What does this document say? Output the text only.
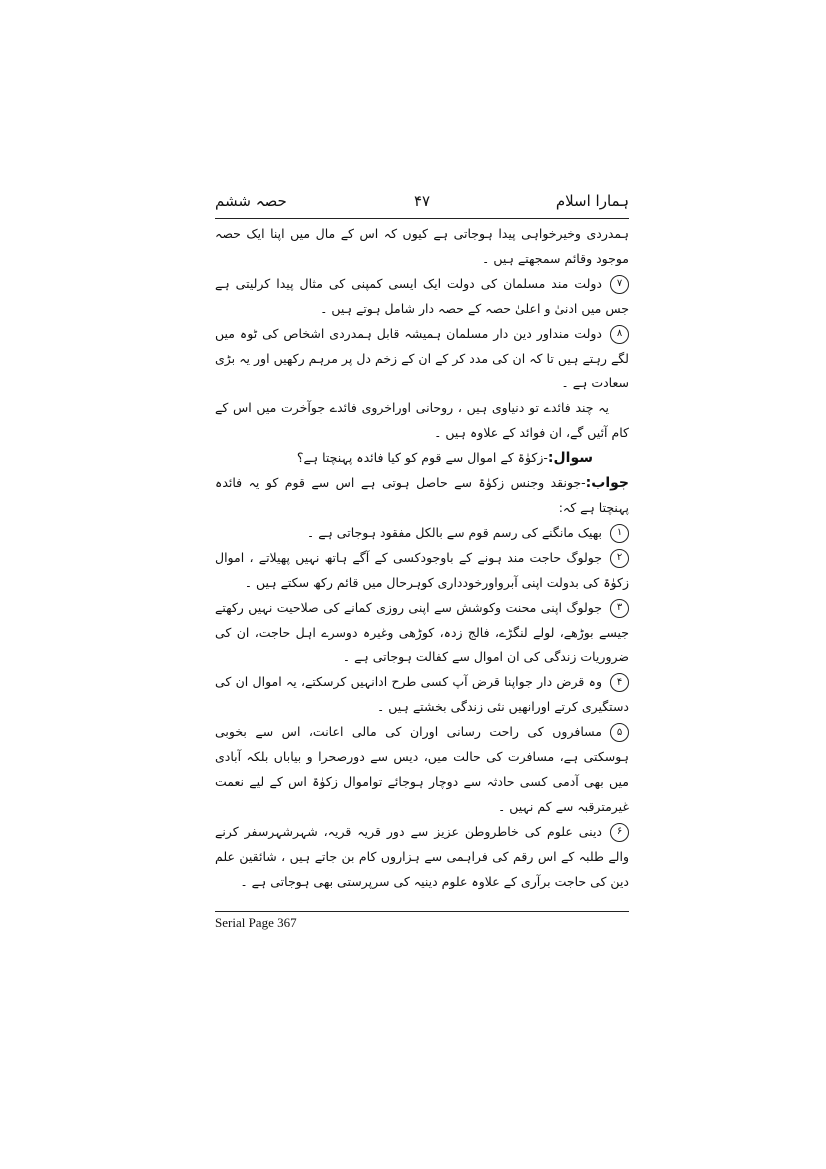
ہمارا اسلام
۴۷
حصہ ششم

ہمدردی وخیرخواہی پیدا ہوجاتی ہے کیوں کہ اس کے مال میں اپنا ایک حصہ موجود وقائم سمجھتے ہیں ۔

۷دولت مند مسلمان کی دولت ایک ایسی کمپنی کی مثال پیدا کرلیتی ہے جس میں ادنیٰ و اعلیٰ حصہ کے حصہ دار شامل ہوتے ہیں ۔

۸دولت منداور دین دار مسلمان ہمیشہ قابل ہمدردی اشخاص کی ٹوہ میں لگے رہتے ہیں تا کہ ان کی مدد کر کے ان کے زخم دل پر مرہم رکھیں اور یہ بڑی سعادت ہے ۔

یہ چند فائدے تو دنیاوی ہیں ، روحانی اوراخروی فائدے جوآخرت میں اس کے کام آئیں گے، ان فوائد کے علاوہ ہیں ۔

سوال:-زکوٰۃ کے اموال سے قوم کو کیا فائدہ پہنچتا ہے؟

جواب:-جونقد وجنس زکوٰۃ سے حاصل ہوتی ہے اس سے قوم کو یہ فائدہ پہنچتا ہے کہ:

۱بھیک مانگنے کی رسم قوم سے بالکل مفقود ہوجاتی ہے ۔

۲جولوگ حاجت مند ہونے کے باوجودکسی کے آگے ہاتھ نہیں پھیلاتے ، اموال زکوٰۃ کی بدولت اپنی آبرواورخودداری کوہرحال میں قائم رکھ سکتے ہیں ۔

۳جولوگ اپنی محنت وکوشش سے اپنی روزی کمانے کی صلاحیت نہیں رکھتے جیسے بوڑھے، لولے لنگڑے، فالج زدہ، کوڑھی وغیرہ دوسرے اہل حاجت، ان کی ضروریات زندگی کی ان اموال سے کفالت ہوجاتی ہے ۔

۴وہ قرض دار جواپنا قرض آپ کسی طرح ادانہیں کرسکتے، یہ اموال ان کی دستگیری کرتے اورانھیں نئی زندگی بخشتے ہیں ۔

۵مسافروں کی راحت رسانی اوران کی مالی اعانت، اس سے بخوبی ہوسکتی ہے، مسافرت کی حالت میں، دیس سے دورصحرا و بیاباں بلکہ آبادی میں بھی آدمی کسی حادثہ سے دوچار ہوجائے تواموال زکوٰۃ اس کے لیے نعمت غیرمترقبہ سے کم نہیں ۔

۶دینی علوم کی خاطروطن عزیز سے دور قریہ قریہ، شہرشہرسفر کرنے والے طلبہ کے اس رقم کی فراہمی سے ہزاروں کام بن جاتے ہیں ، شائقین علم دین کی حاجت برآری کے علاوہ علوم دینیہ کی سرپرستی بھی ہوجاتی ہے ۔

Serial Page 367
